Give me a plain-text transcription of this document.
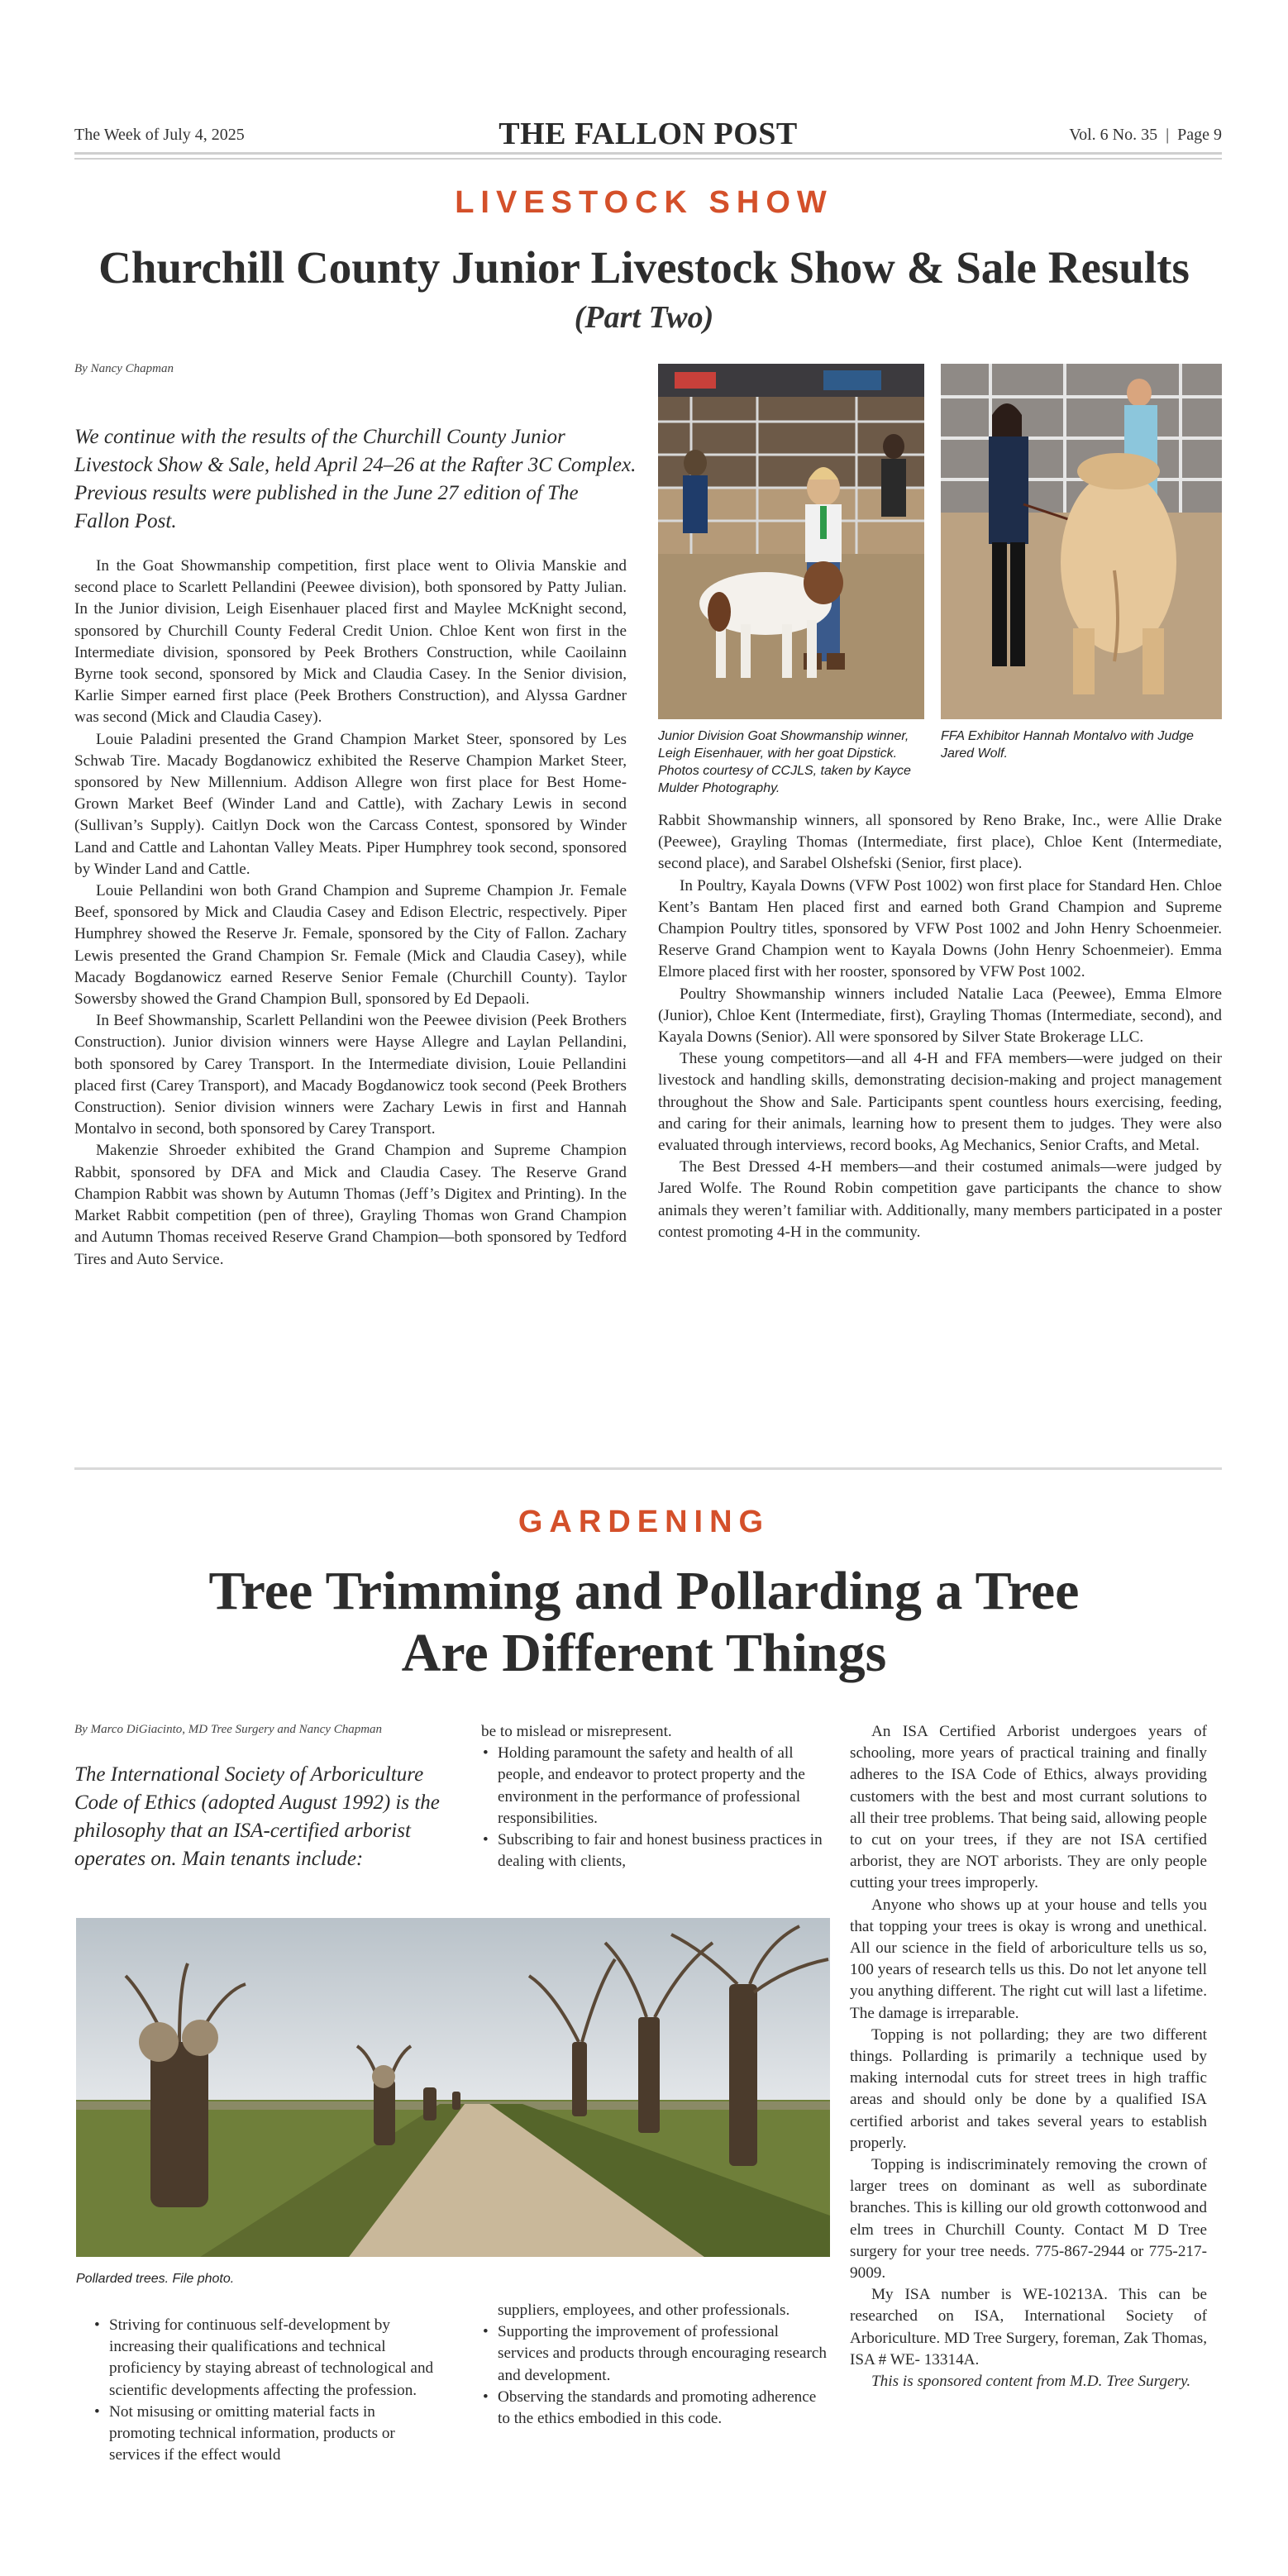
The Week of July 4, 2025	THE FALLON POST	Vol. 6 No. 35 | Page 9
LIVESTOCK SHOW
Churchill County Junior Livestock Show & Sale Results
(Part Two)
By Nancy Chapman
We continue with the results of the Churchill County Junior Livestock Show & Sale, held April 24–26 at the Rafter 3C Complex. Previous results were published in the June 27 edition of The Fallon Post.

In the Goat Showmanship competition, first place went to Olivia Manskie and second place to Scarlett Pellandini (Peewee division), both sponsored by Patty Julian. In the Junior division, Leigh Eisenhauer placed first and Maylee McKnight second, sponsored by Churchill County Federal Credit Union. Chloe Kent won first in the Intermediate division, sponsored by Peek Brothers Construction, while Caoilainn Byrne took second, sponsored by Mick and Claudia Casey. In the Senior division, Karlie Simper earned first place (Peek Brothers Construction), and Alyssa Gardner was second (Mick and Claudia Casey).

Louie Paladini presented the Grand Champion Market Steer, sponsored by Les Schwab Tire. Macady Bogdanowicz exhibited the Reserve Champion Market Steer, sponsored by New Millennium. Addison Allegre won first place for Best Home-Grown Market Beef (Winder Land and Cattle), with Zachary Lewis in second (Sullivan’s Supply). Caitlyn Dock won the Carcass Contest, sponsored by Winder Land and Cattle and Lahontan Valley Meats. Piper Humphrey took second, sponsored by Winder Land and Cattle.

Louie Pellandini won both Grand Champion and Supreme Champion Jr. Female Beef, sponsored by Mick and Claudia Casey and Edison Electric, respectively. Piper Humphrey showed the Reserve Jr. Female, sponsored by the City of Fallon. Zachary Lewis presented the Grand Champion Sr. Female (Mick and Claudia Casey), while Macady Bogdanowicz earned Reserve Senior Female (Churchill County). Taylor Sowersby showed the Grand Champion Bull, sponsored by Ed Depaoli.

In Beef Showmanship, Scarlett Pellandini won the Peewee division (Peek Brothers Construction). Junior division winners were Hayse Allegre and Laylan Pellandini, both sponsored by Carey Transport. In the Intermediate division, Louie Pellandini placed first (Carey Transport), and Macady Bogdanowicz took second (Peek Brothers Construction). Senior division winners were Zachary Lewis in first and Hannah Montalvo in second, both sponsored by Carey Transport.

Makenzie Shroeder exhibited the Grand Champion and Supreme Champion Rabbit, sponsored by DFA and Mick and Claudia Casey. The Reserve Grand Champion Rabbit was shown by Autumn Thomas (Jeff’s Digitex and Printing). In the Market Rabbit competition (pen of three), Grayling Thomas won Grand Champion and Autumn Thomas received Reserve Grand Champion—both sponsored by Tedford Tires and Auto Service.

Junior Division Goat Showmanship winner, Leigh Eisenhauer, with her goat Dipstick. Photos courtesy of CCJLS, taken by Kayce Mulder Photography.
FFA Exhibitor Hannah Montalvo with Judge Jared Wolf.

Rabbit Showmanship winners, all sponsored by Reno Brake, Inc., were Allie Drake (Peewee), Grayling Thomas (Intermediate, first place), Chloe Kent (Intermediate, second place), and Sarabel Olshefski (Senior, first place).

In Poultry, Kayala Downs (VFW Post 1002) won first place for Standard Hen. Chloe Kent’s Bantam Hen placed first and earned both Grand Champion and Supreme Champion Poultry titles, sponsored by VFW Post 1002 and John Henry Schoenmeier. Reserve Grand Champion went to Kayala Downs (John Henry Schoenmeier). Emma Elmore placed first with her rooster, sponsored by VFW Post 1002.

Poultry Showmanship winners included Natalie Laca (Peewee), Emma Elmore (Junior), Chloe Kent (Intermediate, first), Grayling Thomas (Intermediate, second), and Kayala Downs (Senior). All were sponsored by Silver State Brokerage LLC.

These young competitors—and all 4-H and FFA members—were judged on their livestock and handling skills, demonstrating decision-making and project management throughout the Show and Sale. Participants spent countless hours exercising, feeding, and caring for their animals, learning how to present them to judges. They were also evaluated through interviews, record books, Ag Mechanics, Senior Crafts, and Metal.

The Best Dressed 4-H members—and their costumed animals—were judged by Jared Wolfe. The Round Robin competition gave participants the chance to show animals they weren’t familiar with. Additionally, many members participated in a poster contest promoting 4-H in the community.

GARDENING
Tree Trimming and Pollarding a Tree
Are Different Things
By Marco DiGiacinto, MD Tree Surgery and Nancy Chapman
The International Society of Arboriculture Code of Ethics (adopted August 1992) is the philosophy that an ISA-certified arborist operates on. Main tenants include:

be to mislead or misrepresent.

• Holding paramount the safety and health of all people, and endeavor to protect property and the environment in the performance of professional responsibilities.
• Subscribing to fair and honest business practices in dealing with clients,
Pollarded trees. File photo.
• Striving for continuous self-development by increasing their qualifications and technical proficiency by staying abreast of technological and scientific developments affecting the profession.
• Not misusing or omitting material facts in promoting technical information, products or services if the effect would

suppliers, employees, and other professionals.

• Supporting the improvement of professional services and products through encouraging research and development.
• Observing the standards and promoting adherence to the ethics embodied in this code.

An ISA Certified Arborist undergoes years of schooling, more years of practical training and finally adheres to the ISA Code of Ethics, always providing customers with the best and most currant solutions to all their tree problems. That being said, allowing people to cut on your trees, if they are not ISA certified arborist, they are NOT arborists. They are only people cutting your trees improperly.

Anyone who shows up at your house and tells you that topping your trees is okay is wrong and unethical. All our science in the field of arboriculture tells us so, 100 years of research tells us this. Do not let anyone tell you anything different. The right cut will last a lifetime. The damage is irreparable.

Topping is not pollarding; they are two different things. Pollarding is primarily a technique used by making internodal cuts for street trees in high traffic areas and should only be done by a qualified ISA certified arborist and takes several years to establish properly.

Topping is indiscriminately removing the crown of larger trees on dominant as well as subordinate branches. This is killing our old growth cottonwood and elm trees in Churchill County. Contact M D Tree surgery for your tree needs. 775-867-2944 or 775-217-9009.

My ISA number is WE-10213A. This can be researched on ISA, International Society of Arboriculture. MD Tree Surgery, foreman, Zak Thomas, ISA # WE- 13314A.

This is sponsored content from M.D. Tree Surgery.
